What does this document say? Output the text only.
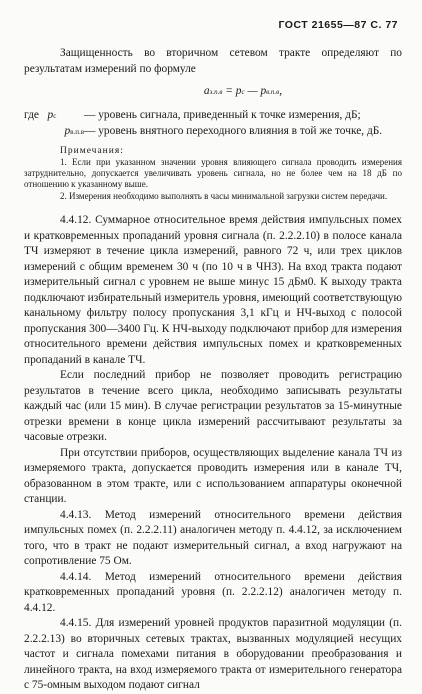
ГОСТ 21655—87 С. 77

Защищенность во вторичном сетевом тракте определяют по результатам измерений по формуле

аз.п.в = pс — pв.п.в,
где pс	— уровень сигнала, приведенный к точке измерения, дБ;
pв.п.в — уровень внятного переходного влияния в той же точке, дБ.
Примечания:

1. Если при указанном значении уровня влияющего сигнала проводить измерения затруднительно, допускается увеличивать уровень сигнала, но не более чем на 18 дБ по отношению к указанному выше.

2. Измерения необходимо выполнять в часы минимальной загрузки систем передачи.

4.4.12. Суммарное относительное время действия импульсных помех и кратковременных пропаданий уровня сигнала (п. 2.2.2.10) в полосе канала ТЧ измеряют в течение цикла измерений, равного 72 ч, или трех циклов измерений с общим временем 30 ч (по 10 ч в ЧНЗ). На вход тракта подают измерительный сигнал с уровнем не выше минус 15 дБм0. К выходу тракта подключают избирательный измеритель уровня, имеющий соответствующую канальному фильтру полосу пропускания 3,1 кГц и НЧ-выход с полосой пропускания 300—3400 Гц. К НЧ-выходу подключают прибор для измерения относительного времени действия импульсных помех и кратковременных пропаданий в канале ТЧ.

Если последний прибор не позволяет проводить регистрацию результатов в течение всего цикла, необходимо записывать результаты каждый час (или 15 мин). В случае регистрации результатов за 15-минутные отрезки времени в конце цикла измерений рассчитывают результаты за часовые отрезки.

При отсутствии приборов, осуществляющих выделение канала ТЧ из измеряемого тракта, допускается проводить измерения или в канале ТЧ, образованном в этом тракте, или с использованием аппаратуры оконечной станции.

4.4.13. Метод измерений относительного времени действия импульсных помех (п. 2.2.2.11) аналогичен методу п. 4.4.12, за исключением того, что в тракт не подают измерительный сигнал, а вход нагружают на сопротивление 75 Ом.

4.4.14. Метод измерений относительного времени действия кратковременных пропаданий уровня (п. 2.2.2.12) аналогичен методу п. 4.4.12.

4.4.15. Для измерений уровней продуктов паразитной модуляции (п. 2.2.2.13) во вторичных сетевых трактах, вызванных модуляцией несущих частот и сигнала помехами питания в оборудовании преобразования и линейного тракта, на вход измеряемого тракта от измерительного генератора с 75-омным выходом подают сигнал
